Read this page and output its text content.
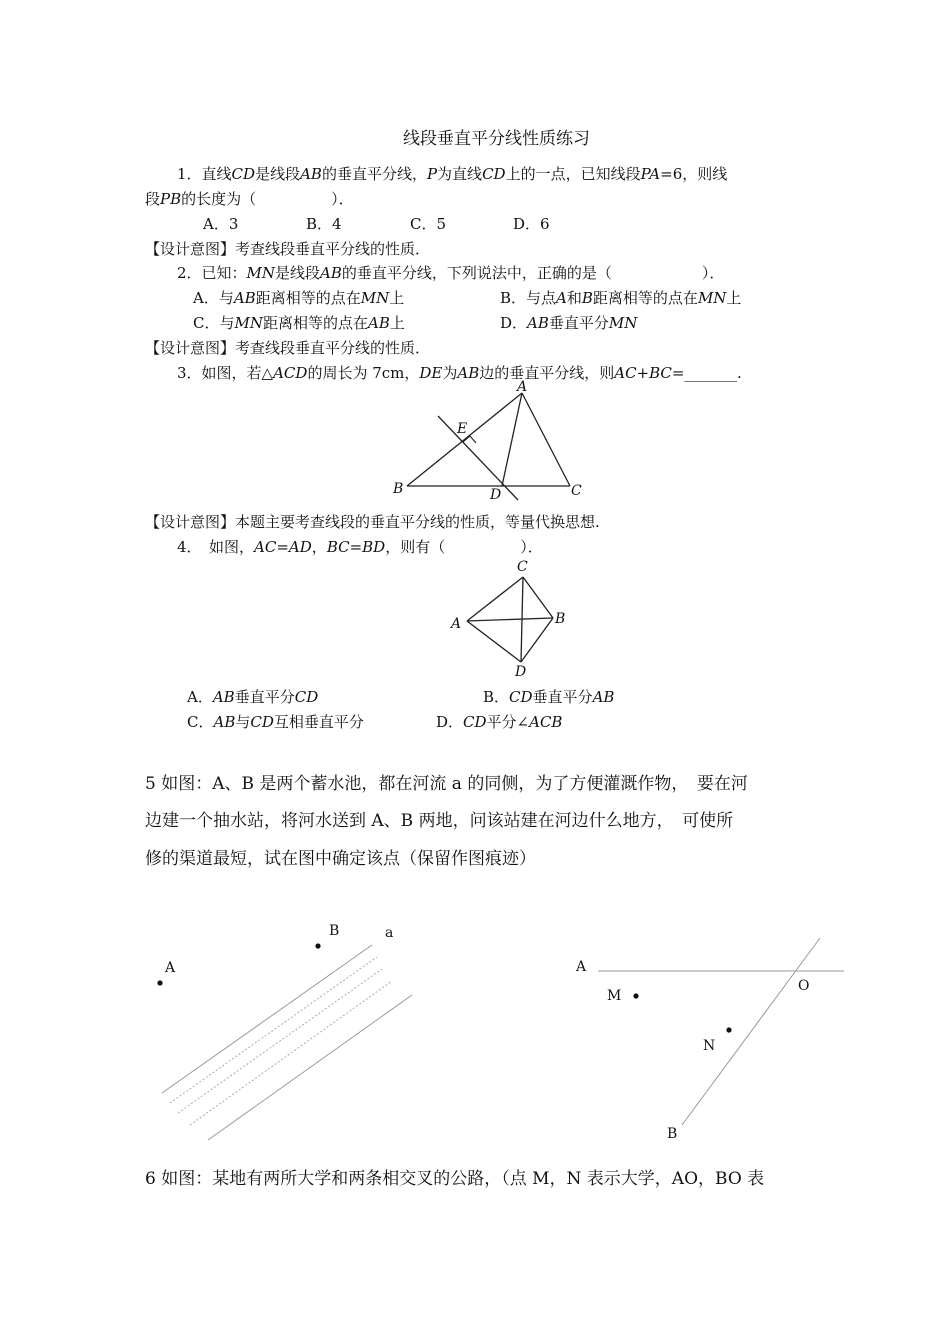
线段垂直平分线性质练习
1．直线CD是线段AB的垂直平分线，P为直线CD上的一点，已知线段PA=6，则线
段PB的长度为（　　　　　）．
A．3	B．4	C．5	D．6
【设计意图】考查线段垂直平分线的性质．
2．已知：MN是线段AB的垂直平分线，下列说法中，正确的是（　　　　　　）．
A．与AB距离相等的点在MN上	B．与点A和B距离相等的点在MN上
C．与MN距离相等的点在AB上	D．AB垂直平分MN
【设计意图】考查线段垂直平分线的性质．
3．如图，若△ACD的周长为 7cm，DE为AB边的垂直平分线，则AC+BC=_______.
A
B	C
D
E
【设计意图】本题主要考查线段的垂直平分线的性质，等量代换思想.
4．　如图，AC=AD，BC=BD，则有（　　　　　）．
C
A	B
D
A．AB垂直平分CD	B．CD垂直平分AB
C．AB与CD互相垂直平分	D．CD平分∠ACB
5 如图：A、B 是两个蓄水池，都在河流 a 的同侧，为了方便灌溉作物，　要在河
边建一个抽水站，将河水送到 A、B 两地，问该站建在河边什么地方，　可使所
修的渠道最短，试在图中确定该点（保留作图痕迹）
A
B	a
A
M
O
N
B
6 如图：某地有两所大学和两条相交叉的公路，（点 M，N 表示大学，AO，BO 表
